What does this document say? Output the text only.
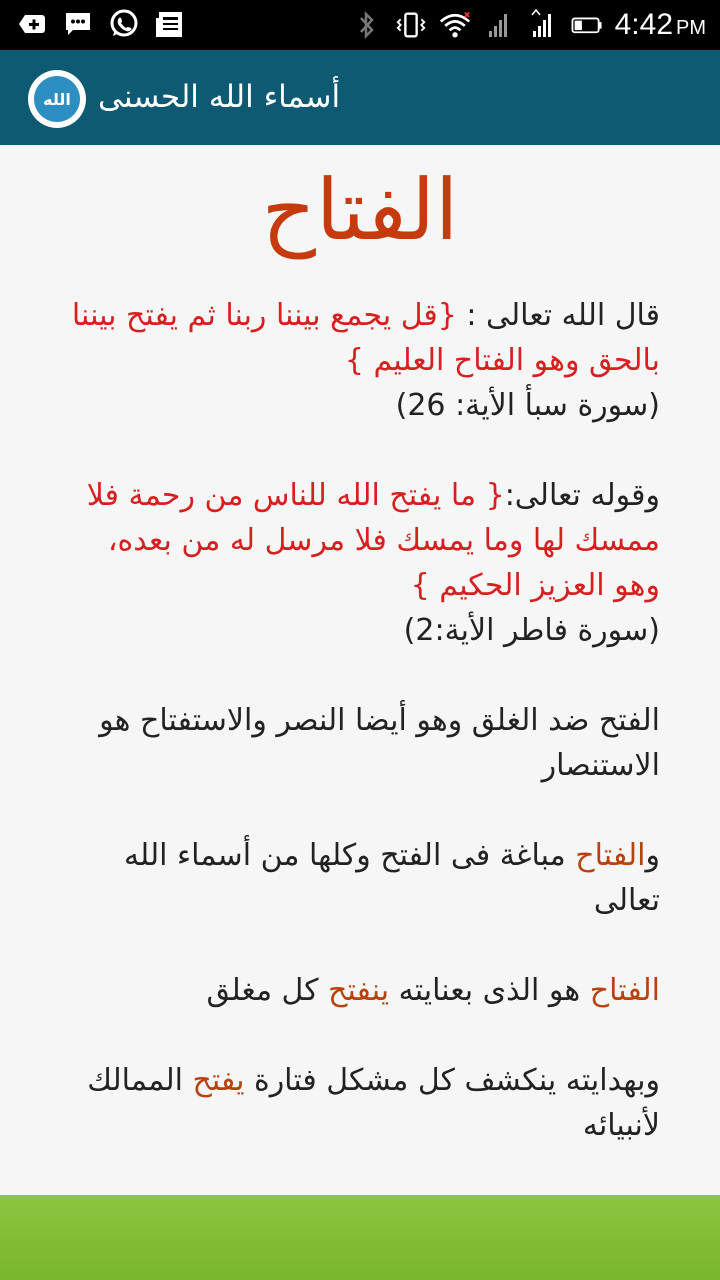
4:42 PM
الله أسماء الله الحسنى
الفتاح

قال الله تعالى : {قل يجمع بيننا ربنا ثم يفتح بيننا بالحق وهو الفتاح العليم }
(سورة سبأ الأية: 26)

وقوله تعالى:{ ما يفتح الله للناس من رحمة فلا ممسك لها وما يمسك فلا مرسل له من بعده، وهو العزيز الحكيم }
(سورة فاطر الأية:2)

الفتح ضد الغلق وهو أيضا النصر والاستفتاح هو الاستنصار

والفتاح مباغة فى الفتح وكلها من أسماء الله تعالى

الفتاح هو الذى بعنايته ينفتح كل مغلق

وبهدايته ينكشف كل مشكل فتارة يفتح الممالك لأنبيائه
